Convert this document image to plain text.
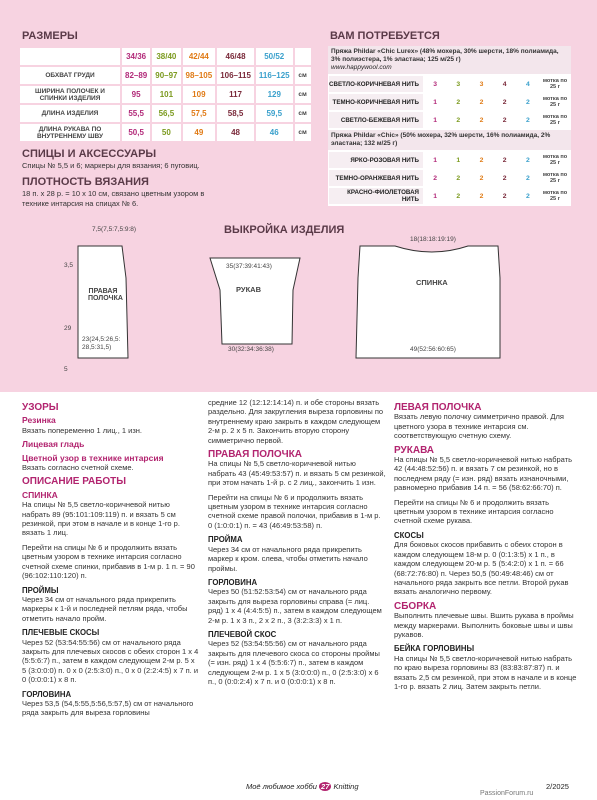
РАЗМЕРЫ
	34/36	38/40	42/44	46/48	50/52	
ОБХВАТ ГРУДИ	82–89	90–97	98–105	106–115	116–125	см
ШИРИНА ПОЛОЧЕК И СПИНКИ ИЗДЕЛИЯ	95	101	109	117	129	см
ДЛИНА ИЗДЕЛИЯ	55,5	56,5	57,5	58,5	59,5	см
ДЛИНА РУКАВА ПО ВНУТРЕННЕМУ ШВУ	50,5	50	49	48	46	см
ВАМ ПОТРЕБУЕТСЯ
Пряжа Phildar «Chic Lurex» (48% мохера, 30% шерсти, 18% полиамида, 3% полиэстера, 1% эластана; 125 м/25 г)
www.happywool.com
СВЕТЛО-КОРИЧНЕВАЯ НИТЬ	3	3	3	4	4	мотка по 25 г
ТЕМНО-КОРИЧНЕВАЯ НИТЬ	1	2	2	2	2	мотка по 25 г
СВЕТЛО-БЕЖЕВАЯ НИТЬ	1	2	2	2	2	мотка по 25 г
Пряжа Phildar «Chic» (50% мохера, 32% шерсти, 16% полиамида, 2% эластана; 132 м/25 г)
ЯРКО-РОЗОВАЯ НИТЬ	1	1	2	2	2	мотка по 25 г
ТЕМНО-ОРАНЖЕВАЯ НИТЬ	2	2	2	2	2	мотка по 25 г
КРАСНО-ФИОЛЕТОВАЯ НИТЬ	1	2	2	2	2	мотка по 25 г
СПИЦЫ И АКСЕССУАРЫ
Спицы № 5,5 и 6; маркеры для вязания; 6 пуговиц.
ПЛОТНОСТЬ ВЯЗАНИЯ
18 п. х 28 р. = 10 х 10 см, связано цветным узором в технике интарсия на спицах № 6.
ВЫКРОЙКА ИЗДЕЛИЯ
ПРАВАЯ ПОЛОЧКА
РУКАВ
СПИНКА
7,5(7,5:7,5:9:8)
23(24,5:26,5: 28,5:31,5)
35(37:39:41:43)
30(32:34:36:38)
18(18:18:19:19)
49(52:56:60:65)
29
3,5
5
УЗОРЫ
Резинка

Вязать попеременно 1 лиц., 1 изн.

Лицевая гладь
Цветной узор в технике интарсия

Вязать согласно счетной схеме.

ОПИСАНИЕ РАБОТЫ
СПИНКА

На спицы № 5,5 светло-коричневой нитью набрать 89 (95:101:109:119) п. и вязать 5 см резинкой, при этом в начале и в конце 1-го р. вязать 1 лиц.

Перейти на спицы № 6 и продолжить вязать цветным узором в технике интарсия согласно счетной схеме спинки, прибавив в 1-м р. 1 п. = 90 (96:102:110:120) п.

ПРОЙМЫ

Через 34 см от начального ряда прикрепить маркеры к 1-й и последней петлям ряда, чтобы отметить начало пройм.

ПЛЕЧЕВЫЕ СКОСЫ

Через 52 (53:54:55:56) см от начального ряда закрыть для плечевых скосов с обеих сторон 1 х 4 (5:5:6:7) п., затем в каждом следующем 2-м р. 5 х 5 (3:0:0:0) п. 0 х 0 (2:5:3:0) п., 0 х 0 (2:2:4:5) х 7 п. и 0 (0:0:0:1) х 8 п.

ГОРЛОВИНА

Через 53,5 (54,5:55,5:56,5:57,5) см от начального ряда закрыть для выреза горловины

средние 12 (12:12:14:14) п. и обе стороны вязать раздельно. Для закругления выреза горловины по внутреннему краю закрыть в каждом следующем 2-м р. 2 х 5 п. Закончить вторую сторону симметрично первой.

ПРАВАЯ ПОЛОЧКА

На спицы № 5,5 светло-коричневой нитью набрать 43 (45:49:53:57) п. и вязать 5 см резинкой, при этом начать 1-й р. с 2 лиц., закончить 1 изн.

Перейти на спицы № 6 и продолжить вязать цветным узором в технике интарсия согласно счетной схеме правой полочки, прибавив в 1-м р. 0 (1:0:0:1) п. = 43 (46:49:53:58) п.

ПРОЙМА

Через 34 см от начального ряда прикрепить маркер к кром. слева, чтобы отметить начало проймы.

ГОРЛОВИНА

Через 50 (51:52:53:54) см от начального ряда закрыть для выреза горловины справа (= лиц. ряд) 1 х 4 (4:4:5:5) п., затем в каждом следующем 2-м р. 1 х 3 п., 2 х 2 п., 3 (3:2:3:3) х 1 п.

ПЛЕЧЕВОЙ СКОС

Через 52 (53:54:55:56) см от начального ряда закрыть для плечевого скоса со стороны проймы (= изн. ряд) 1 х 4 (5:5:6:7) п., затем в каждом следующем 2-м р. 1 х 5 (3:0:0:0) п., 0 (2:5:3:0) х 6 п., 0 (0:0:2:4) х 7 п. и 0 (0:0:0:1) х 8 п.

ЛЕВАЯ ПОЛОЧКА

Вязать левую полочку симметрично правой. Для цветного узора в технике интарсия см. соответствующую счетную схему.

РУКАВА

На спицы № 5,5 светло-коричневой нитью набрать 42 (44:48:52:56) п. и вязать 7 см резинкой, но в последнем ряду (= изн. ряд) вязать изнаночными, равномерно прибавив 14 п. = 56 (58:62:66:70) п.

Перейти на спицы № 6 и продолжить вязать цветным узором в технике интарсия согласно счетной схеме рукава.

СКОСЫ

Для боковых скосов прибавить с обеих сторон в каждом следующем 18-м р. 0 (0:1:3:5) х 1 п., в каждом следующем 20-м р. 5 (5:4:2:0) х 1 п. = 66 (68:72:76:80) п. Через 50,5 (50:49:48:46) см от начального ряда закрыть все петли. Второй рукав вязать аналогично первому.

СБОРКА

Выполнить плечевые швы. Вшить рукава в проймы между маркерами. Выполнить боковые швы и швы рукавов.

БЕЙКА ГОРЛОВИНЫ

На спицы № 5,5 светло-коричневой нитью набрать по краю выреза горловины 83 (83:83:87:87) п. и вязать 2,5 см резинкой, при этом в начале и в конце 1-го р. вязать 2 лиц. Затем закрыть петли.

Моё любимое хобби 27 Knitting	2/2025
PassionForum.ru
